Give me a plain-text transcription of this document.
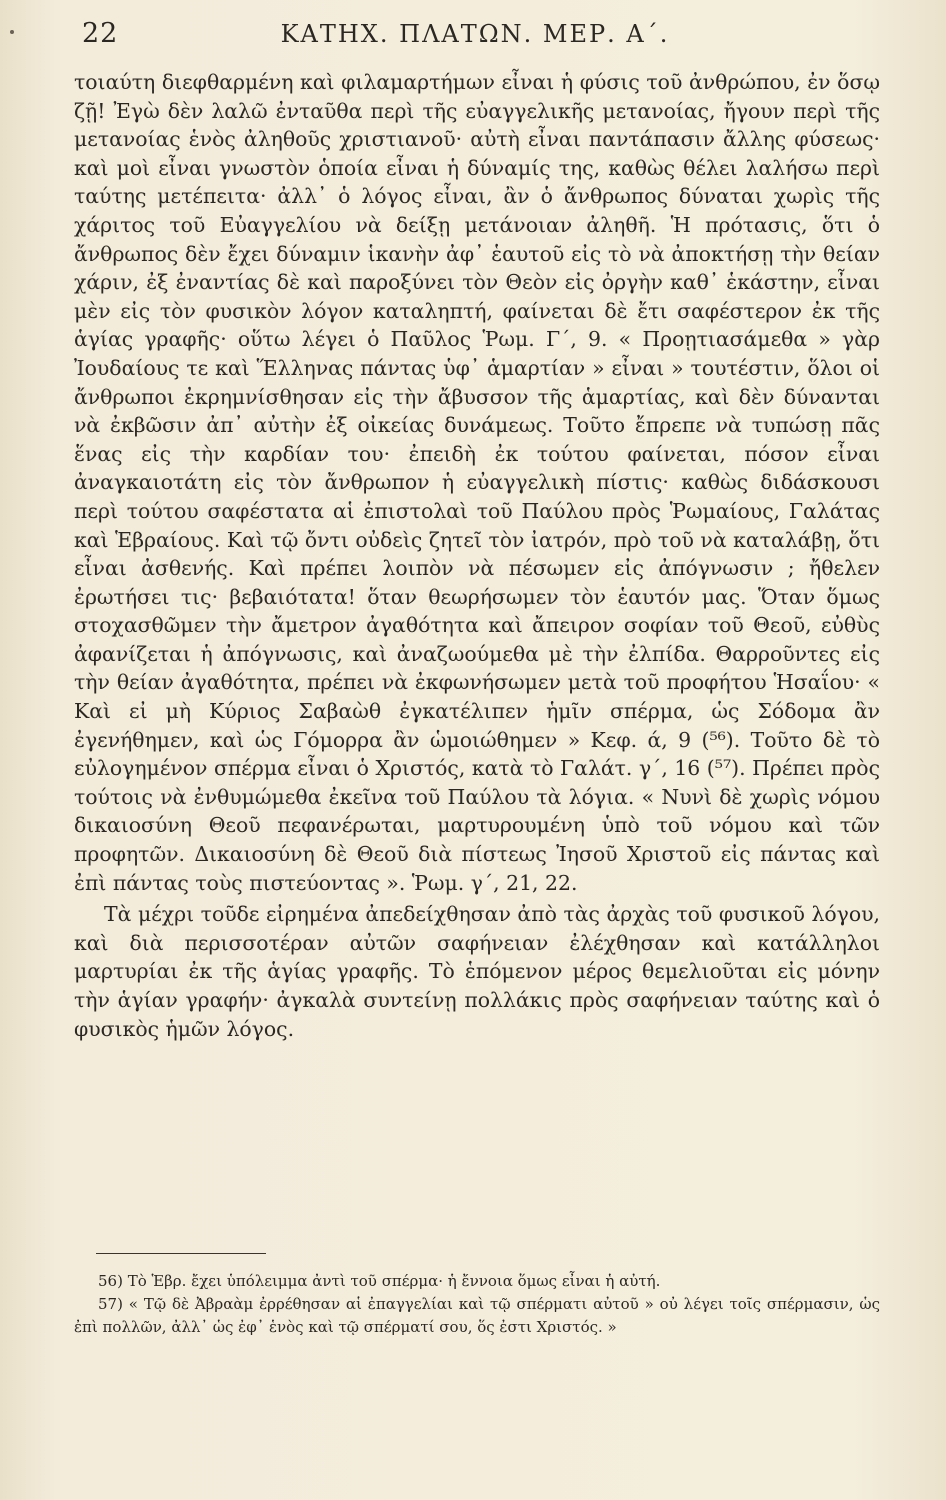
22	ΚΑΤΗΧ. ΠΛΑΤΩΝ. ΜΕΡ. Α΄.

τοιαύτη διεφθαρμένη καὶ φιλαμαρτήμων εἶναι ἡ φύσις τοῦ ἀνθρώπου, ἐν ὅσῳ ζῇ! Ἐγὼ δὲν λαλῶ ἐνταῦθα περὶ τῆς εὐαγγελικῆς μετανοίας, ἤγουν περὶ τῆς μετανοίας ἑνὸς ἀληθοῦς χριστιανοῦ· αὐτὴ εἶναι παντάπασιν ἄλλης φύσεως· καὶ μοὶ εἶναι γνωστὸν ὁποία εἶναι ἡ δύναμίς της, καθὼς θέλει λαλήσω περὶ ταύτης μετέπειτα· ἀλλ᾽ ὁ λόγος εἶναι, ἂν ὁ ἄνθρωπος δύναται χωρὶς τῆς χάριτος τοῦ Εὐαγγελίου νὰ δείξῃ μετάνοιαν ἀληθῆ. Ἡ πρότασις, ὅτι ὁ ἄνθρωπος δὲν ἔχει δύναμιν ἱκανὴν ἀφ᾽ ἑαυτοῦ εἰς τὸ νὰ ἀποκτήσῃ τὴν θείαν χάριν, ἐξ ἐναντίας δὲ καὶ παροξύνει τὸν Θεὸν εἰς ὀργὴν καθ᾽ ἑκάστην, εἶναι μὲν εἰς τὸν φυσικὸν λόγον καταληπτή, φαίνεται δὲ ἔτι σαφέστερον ἐκ τῆς ἁγίας γραφῆς· οὕτω λέγει ὁ Παῦλος Ῥωμ. Γ΄, 9. « Προῃτιασάμεθα » γὰρ Ἰουδαίους τε καὶ Ἕλληνας πάντας ὑφ᾽ ἁμαρτίαν » εἶναι » τουτέστιν, ὅλοι οἱ ἄνθρωποι ἐκρημνίσθησαν εἰς τὴν ἄβυσσον τῆς ἁμαρτίας, καὶ δὲν δύνανται νὰ ἐκβῶσιν ἀπ᾽ αὐτὴν ἐξ οἰκείας δυνάμεως. Τοῦτο ἔπρεπε νὰ τυπώσῃ πᾶς ἕνας εἰς τὴν καρδίαν του· ἐπειδὴ ἐκ τούτου φαίνεται, πόσον εἶναι ἀναγκαιοτάτη εἰς τὸν ἄνθρωπον ἡ εὐαγγελικὴ πίστις· καθὼς διδάσκουσι περὶ τούτου σαφέστατα αἱ ἐπιστολαὶ τοῦ Παύλου πρὸς Ῥωμαίους, Γαλάτας καὶ Ἑβραίους. Καὶ τῷ ὄντι οὐδεὶς ζητεῖ τὸν ἰατρόν, πρὸ τοῦ νὰ καταλάβῃ, ὅτι εἶναι ἀσθενής. Καὶ πρέπει λοιπὸν νὰ πέσωμεν εἰς ἀπόγνωσιν ; ἤθελεν ἐρωτήσει τις· βεβαιότατα! ὅταν θεωρήσωμεν τὸν ἑαυτόν μας. Ὅταν ὅμως στοχασθῶμεν τὴν ἄμετρον ἀγαθότητα καὶ ἄπειρον σοφίαν τοῦ Θεοῦ, εὐθὺς ἀφανίζεται ἡ ἀπόγνωσις, καὶ ἀναζωούμεθα μὲ τὴν ἐλπίδα. Θαρροῦντες εἰς τὴν θείαν ἀγαθότητα, πρέπει νὰ ἐκφωνήσωμεν μετὰ τοῦ προφήτου Ἡσαΐου· « Καὶ εἰ μὴ Κύριος Σαβαὼθ ἐγκατέλιπεν ἡμῖν σπέρμα, ὡς Σόδομα ἂν ἐγενήθημεν, καὶ ὡς Γόμορρα ἂν ὡμοιώθημεν » Κεφ. ά, 9 (⁵⁶). Τοῦτο δὲ τὸ εὐλογημένον σπέρμα εἶναι ὁ Χριστός, κατὰ τὸ Γαλάτ. γ΄, 16 (⁵⁷). Πρέπει πρὸς τούτοις νὰ ἐνθυμώμεθα ἐκεῖνα τοῦ Παύλου τὰ λόγια. « Νυνὶ δὲ χωρὶς νόμου δικαιοσύνη Θεοῦ πεφανέρωται, μαρτυρουμένη ὑπὸ τοῦ νόμου καὶ τῶν προφητῶν. Δικαιοσύνη δὲ Θεοῦ διὰ πίστεως Ἰησοῦ Χριστοῦ εἰς πάντας καὶ ἐπὶ πάντας τοὺς πιστεύοντας ». Ῥωμ. γ΄, 21, 22.

Τὰ μέχρι τοῦδε εἰρημένα ἀπεδείχθησαν ἀπὸ τὰς ἀρχὰς τοῦ φυσικοῦ λόγου, καὶ διὰ περισσοτέραν αὐτῶν σαφήνειαν ἐλέχθησαν καὶ κατάλληλοι μαρτυρίαι ἐκ τῆς ἁγίας γραφῆς. Τὸ ἑπόμενον μέρος θεμελιοῦται εἰς μόνην τὴν ἁγίαν γραφήν· ἀγκαλὰ συντείνῃ πολλάκις πρὸς σαφήνειαν ταύτης καὶ ὁ φυσικὸς ἡμῶν λόγος.

56) Τὸ Ἑβρ. ἔχει ὑπόλειμμα ἀντὶ τοῦ σπέρμα· ἡ ἔννοια ὅμως εἶναι ἡ αὐτή.

57) « Τῷ δὲ Ἀβραὰμ ἐρρέθησαν αἱ ἐπαγγελίαι καὶ τῷ σπέρματι αὐτοῦ » οὐ λέγει τοῖς σπέρμασιν, ὡς ἐπὶ πολλῶν, ἀλλ᾽ ὡς ἐφ᾽ ἑνὸς καὶ τῷ σπέρματί σου, ὅς ἐστι Χριστός. »
